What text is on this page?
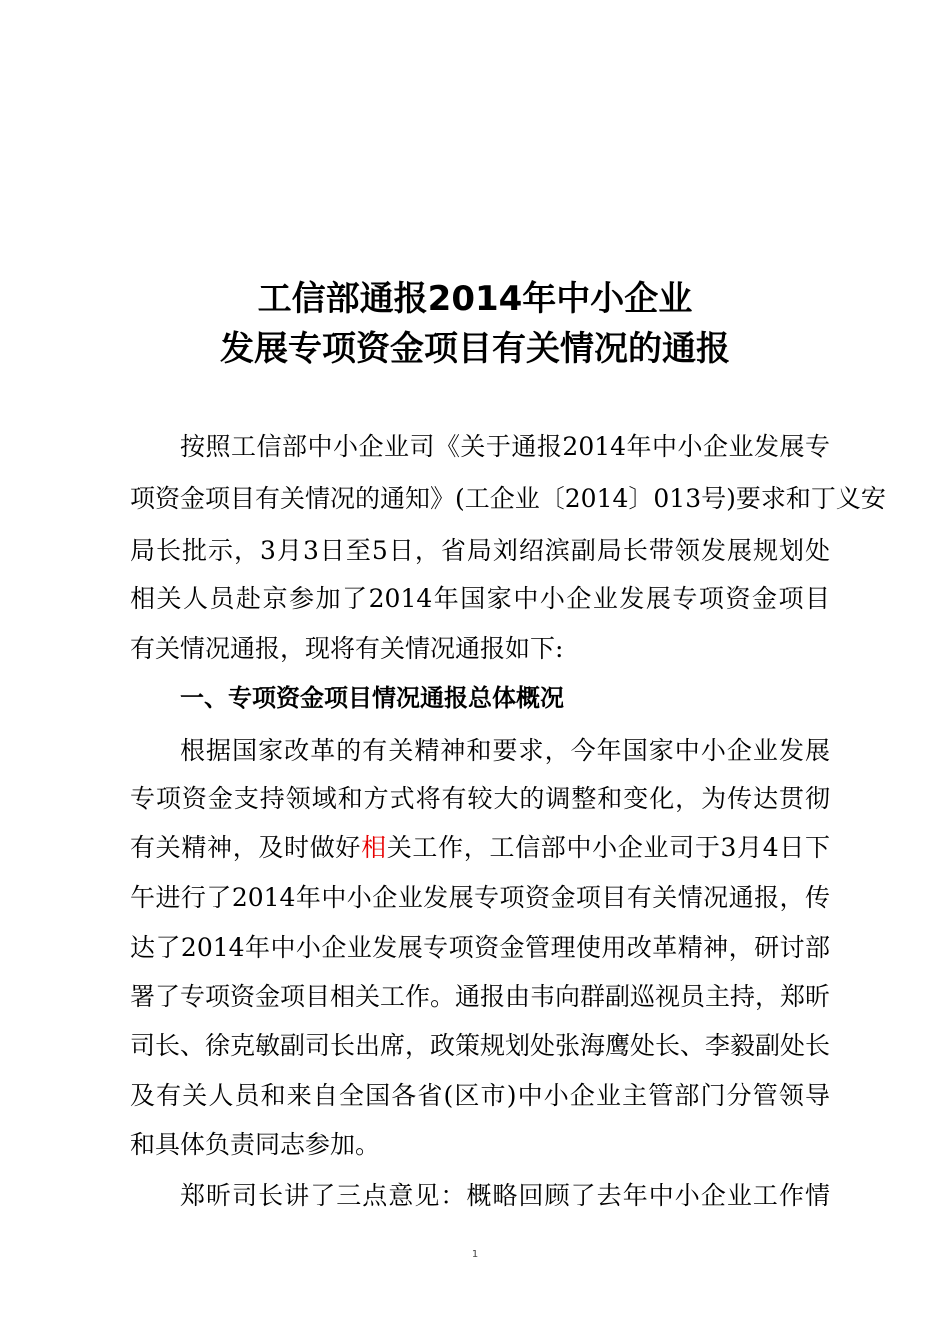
工信部通报2014年中小企业
发展专项资金项目有关情况的通报
按照工信部中小企业司《关于通报2014年中小企业发展专
项资金项目有关情况的通知》(工企业〔2014〕013号)要求和丁义安
局长批示，3月3日至5日，省局刘绍滨副局长带领发展规划处
相关人员赴京参加了2014年国家中小企业发展专项资金项目
有关情况通报，现将有关情况通报如下:
一、专项资金项目情况通报总体概况
根据国家改革的有关精神和要求，今年国家中小企业发展
专项资金支持领域和方式将有较大的调整和变化，为传达贯彻
有关精神，及时做好相关工作，工信部中小企业司于3月4日下
午进行了2014年中小企业发展专项资金项目有关情况通报，传
达了2014年中小企业发展专项资金管理使用改革精神，研讨部
署了专项资金项目相关工作。通报由韦向群副巡视员主持，郑昕
司长、徐克敏副司长出席，政策规划处张海鹰处长、李毅副处长
及有关人员和来自全国各省(区市)中小企业主管部门分管领导
和具体负责同志参加。
郑昕司长讲了三点意见：概略回顾了去年中小企业工作情
1
